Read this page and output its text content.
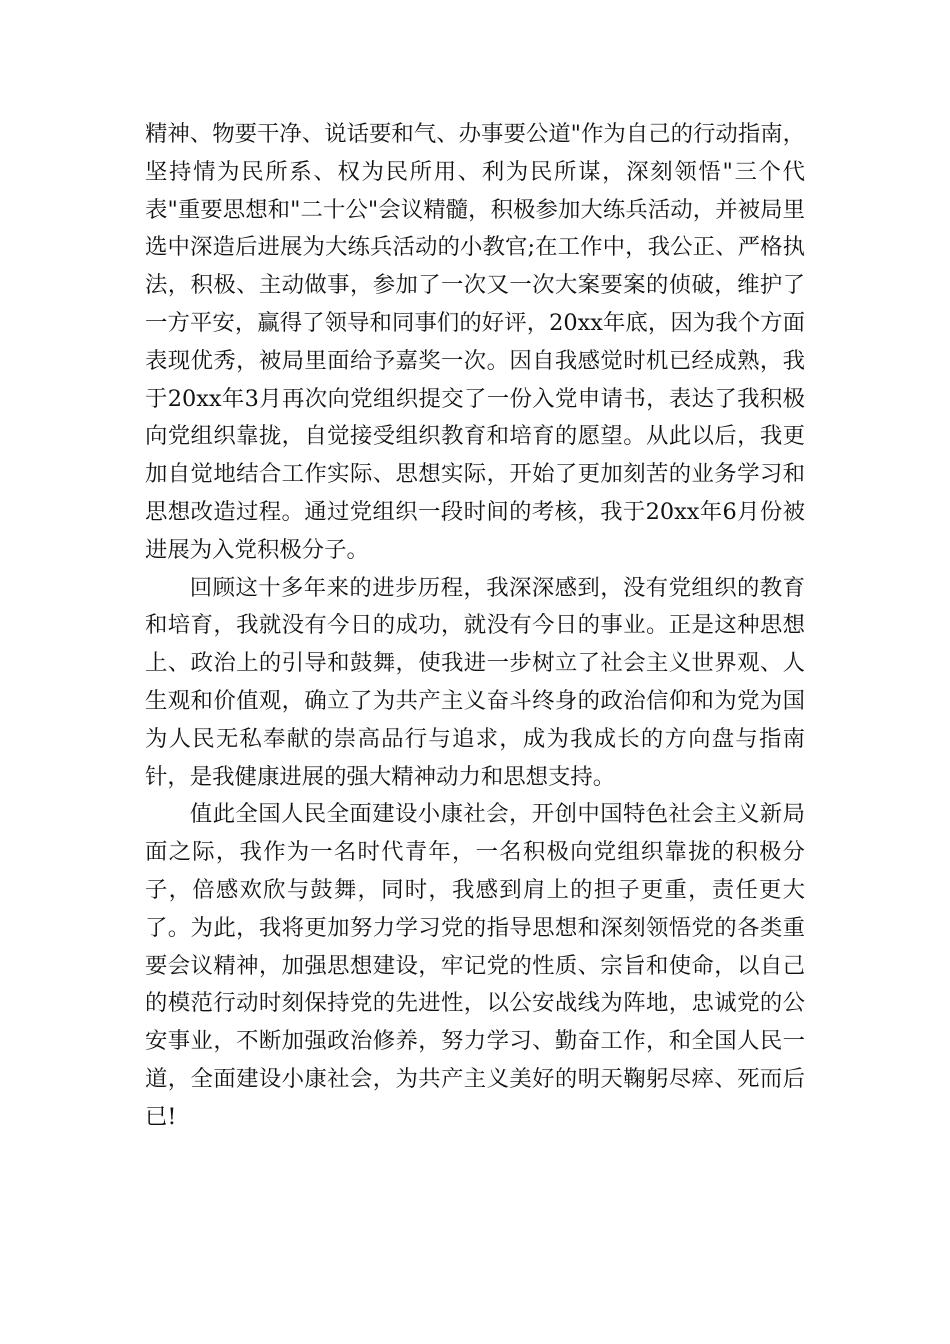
精神、物要干净、说话要和气、办事要公道"作为自己的行动指南，坚持情为民所系、权为民所用、利为民所谋，深刻领悟"三个代表"重要思想和"二十公"会议精髓，积极参加大练兵活动，并被局里选中深造后进展为大练兵活动的小教官;在工作中，我公正、严格执法，积极、主动做事，参加了一次又一次大案要案的侦破，维护了一方平安，赢得了领导和同事们的好评，20xx年底，因为我个方面表现优秀，被局里面给予嘉奖一次。因自我感觉时机已经成熟，我于20xx年3月再次向党组织提交了一份入党申请书，表达了我积极向党组织靠拢，自觉接受组织教育和培育的愿望。从此以后，我更加自觉地结合工作实际、思想实际，开始了更加刻苦的业务学习和思想改造过程。通过党组织一段时间的考核，我于20xx年6月份被进展为入党积极分子。

回顾这十多年来的进步历程，我深深感到，没有党组织的教育和培育，我就没有今日的成功，就没有今日的事业。正是这种思想上、政治上的引导和鼓舞，使我进一步树立了社会主义世界观、人生观和价值观，确立了为共产主义奋斗终身的政治信仰和为党为国为人民无私奉献的崇高品行与追求，成为我成长的方向盘与指南针，是我健康进展的强大精神动力和思想支持。

值此全国人民全面建设小康社会，开创中国特色社会主义新局面之际，我作为一名时代青年，一名积极向党组织靠拢的积极分子，倍感欢欣与鼓舞，同时，我感到肩上的担子更重，责任更大了。为此，我将更加努力学习党的指导思想和深刻领悟党的各类重要会议精神，加强思想建设，牢记党的性质、宗旨和使命，以自己的模范行动时刻保持党的先进性，以公安战线为阵地，忠诚党的公安事业，不断加强政治修养，努力学习、勤奋工作，和全国人民一道，全面建设小康社会，为共产主义美好的明天鞠躬尽瘁、死而后已!
